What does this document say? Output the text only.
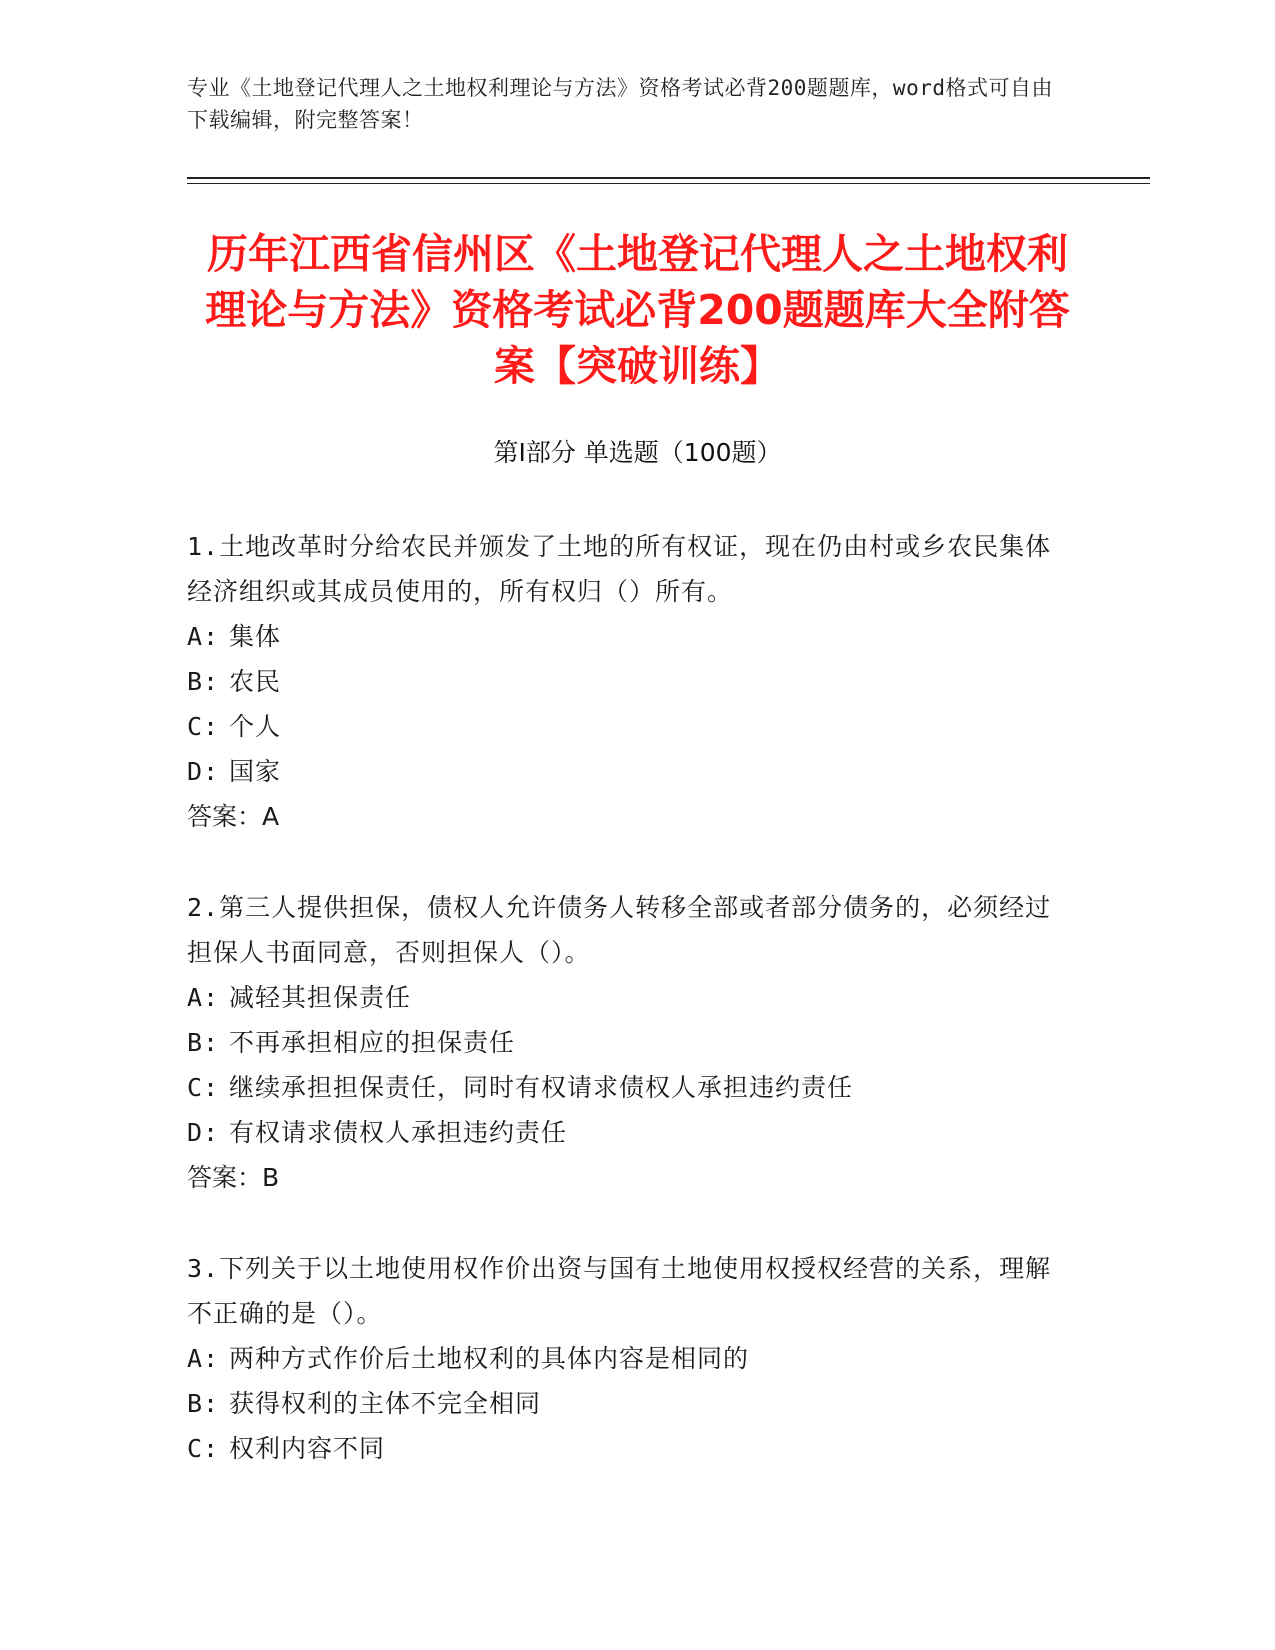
专业《土地登记代理人之土地权利理论与方法》资格考试必背200题题库，word格式可自由下载编辑，附完整答案！
历年江西省信州区《土地登记代理人之土地权利理论与方法》资格考试必背200题题库大全附答案【突破训练】
第Ⅰ部分 单选题（100题）

1.土地改革时分给农民并颁发了土地的所有权证，现在仍由村或乡农民集体经济组织或其成员使用的，所有权归（）所有。

A: 集体
B: 农民
C: 个人
D: 国家

答案：A

2.第三人提供担保，债权人允许债务人转移全部或者部分债务的，必须经过担保人书面同意，否则担保人（）。

A: 减轻其担保责任
B: 不再承担相应的担保责任
C: 继续承担担保责任，同时有权请求债权人承担违约责任
D: 有权请求债权人承担违约责任

答案：B

3.下列关于以土地使用权作价出资与国有土地使用权授权经营的关系，理解不正确的是（）。

A: 两种方式作价后土地权利的具体内容是相同的
B: 获得权利的主体不完全相同
C: 权利内容不同
